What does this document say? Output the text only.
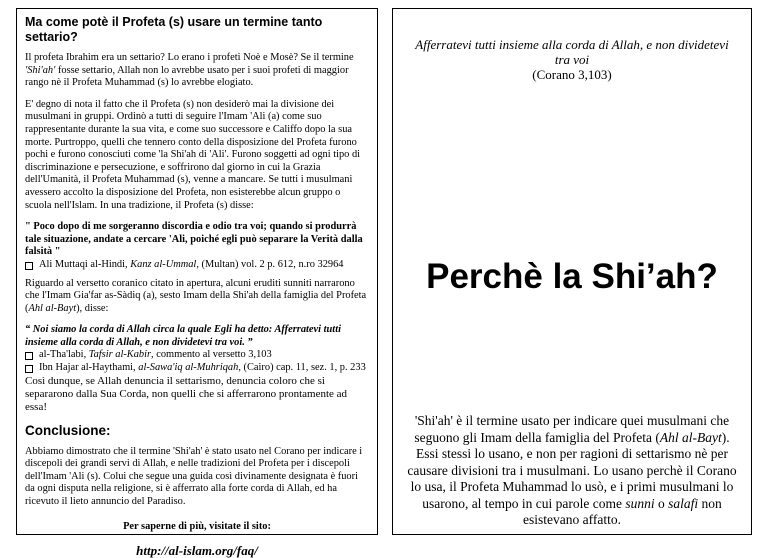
Ma come potè il Profeta (s) usare un termine tanto settario?

Il profeta Ibrahim era un settario? Lo erano i profeti Noè e Mosè? Se il termine 'Shi'ah' fosse settario, Allah non lo avrebbe usato per i suoi profeti di maggior rango nè il Profeta Muhammad (s) lo avrebbe elogiato.

E' degno di nota il fatto che il Profeta (s) non desiderò mai la divisione dei musulmani in gruppi. Ordinò a tutti di seguire l'Imam 'Ali (a) come suo rappresentante durante la sua vita, e come suo successore e Califfo dopo la sua morte. Purtroppo, quelli che tennero conto della disposizione del Profeta furono pochi e furono conosciuti come 'la Shi'ah di 'Ali'. Furono soggetti ad ogni tipo di discriminazione e persecuzione, e soffrirono dal giorno in cui la Grazia dell'Umanità, il Profeta Muhammad (s), venne a mancare. Se tutti i musulmani avessero accolto la disposizione del Profeta, non esisterebbe alcun gruppo o scuola nell'Islam. In una tradizione, il Profeta (s) disse:

" Poco dopo di me sorgeranno discordia e odio tra voi; quando si produrrà tale situazione, andate a cercare 'Ali, poiché egli può separare la Verità dalla falsità "

Ali Muttaqi al-Hindi, Kanz al-Ummal, (Multan) vol. 2 p. 612, n.ro 32964

Riguardo al versetto coranico citato in apertura, alcuni eruditi sunniti narrarono che l'Imam Gia'far as-Sàdiq (a), sesto Imam della Shi'ah della famiglia del Profeta (Ahl al-Bayt), disse:

“ Noi siamo la corda di Allah circa la quale Egli ha detto: Afferratevi tutti insieme alla corda di Allah, e non dividetevi tra voi. ”

al-Tha'labi, Tafsir al-Kabir, commento al versetto 3,103
Ibn Hajar al-Haythami, al-Sawa'iq al-Muhriqah, (Cairo) cap. 11, sez. 1, p. 233

Così dunque, se Allah denuncia il settarismo, denuncia coloro che si separarono dalla Sua Corda, non quelli che si afferrarono prontamente ad essa!

Conclusione:

Abbiamo dimostrato che il termine 'Shi'ah' è stato usato nel Corano per indicare i discepoli dei grandi servi di Allah, e nelle tradizioni del Profeta per i discepoli dell'Imam 'Ali (s). Colui che segue una guida così divinamente designata è fuori da ogni disputa nella religione, si è afferrato alla forte corda di Allah, ed ha ricevuto il lieto annuncio del Paradiso.

Per saperne di più, visitate il sito:
http://al-islam.org/faq/
Afferratevi tutti insieme alla corda di Allah, e non dividetevi tra voi
(Corano 3,103)
Perchè la Shi’ah?
'Shi'ah' è il termine usato per indicare quei musulmani che seguono gli Imam della famiglia del Profeta (Ahl al-Bayt). Essi stessi lo usano, e non per ragioni di settarismo nè per causare divisioni tra i musulmani. Lo usano perchè il Corano lo usa, il Profeta Muhammad lo usò, e i primi musulmani lo usarono, al tempo in cui parole come sunni o salafi non esistevano affatto.
